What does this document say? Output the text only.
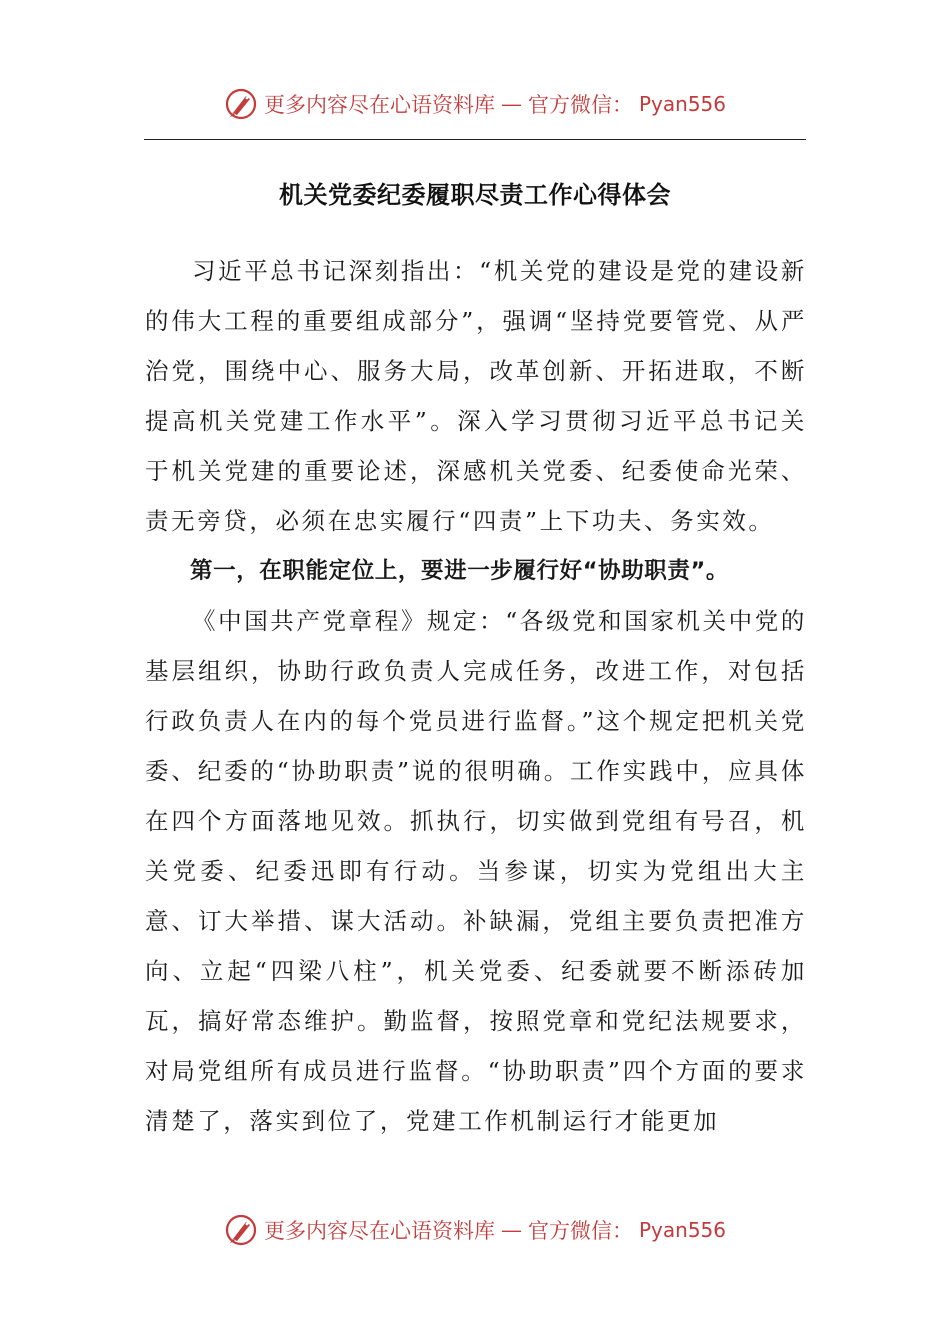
更多内容尽在心语资料库 — 官方微信： Pyan556
机关党委纪委履职尽责工作心得体会

习近平总书记深刻指出：“机关党的建设是党的建设新的伟大工程的重要组成部分”，强调“坚持党要管党、从严治党，围绕中心、服务大局，改革创新、开拓进取，不断提高机关党建工作水平”。深入学习贯彻习近平总书记关于机关党建的重要论述，深感机关党委、纪委使命光荣、责无旁贷，必须在忠实履行“四责”上下功夫、务实效。

第一，在职能定位上，要进一步履行好“协助职责”。

《中国共产党章程》规定：“各级党和国家机关中党的基层组织，协助行政负责人完成任务，改进工作，对包括行政负责人在内的每个党员进行监督。”这个规定把机关党委、纪委的“协助职责”说的很明确。工作实践中，应具体在四个方面落地见效。抓执行，切实做到党组有号召，机关党委、纪委迅即有行动。当参谋，切实为党组出大主意、订大举措、谋大活动。补缺漏，党组主要负责把准方向、立起“四梁八柱”，机关党委、纪委就要不断添砖加瓦，搞好常态维护。勤监督，按照党章和党纪法规要求，对局党组所有成员进行监督。“协助职责”四个方面的要求清楚了，落实到位了，党建工作机制运行才能更加

更多内容尽在心语资料库 — 官方微信： Pyan556
